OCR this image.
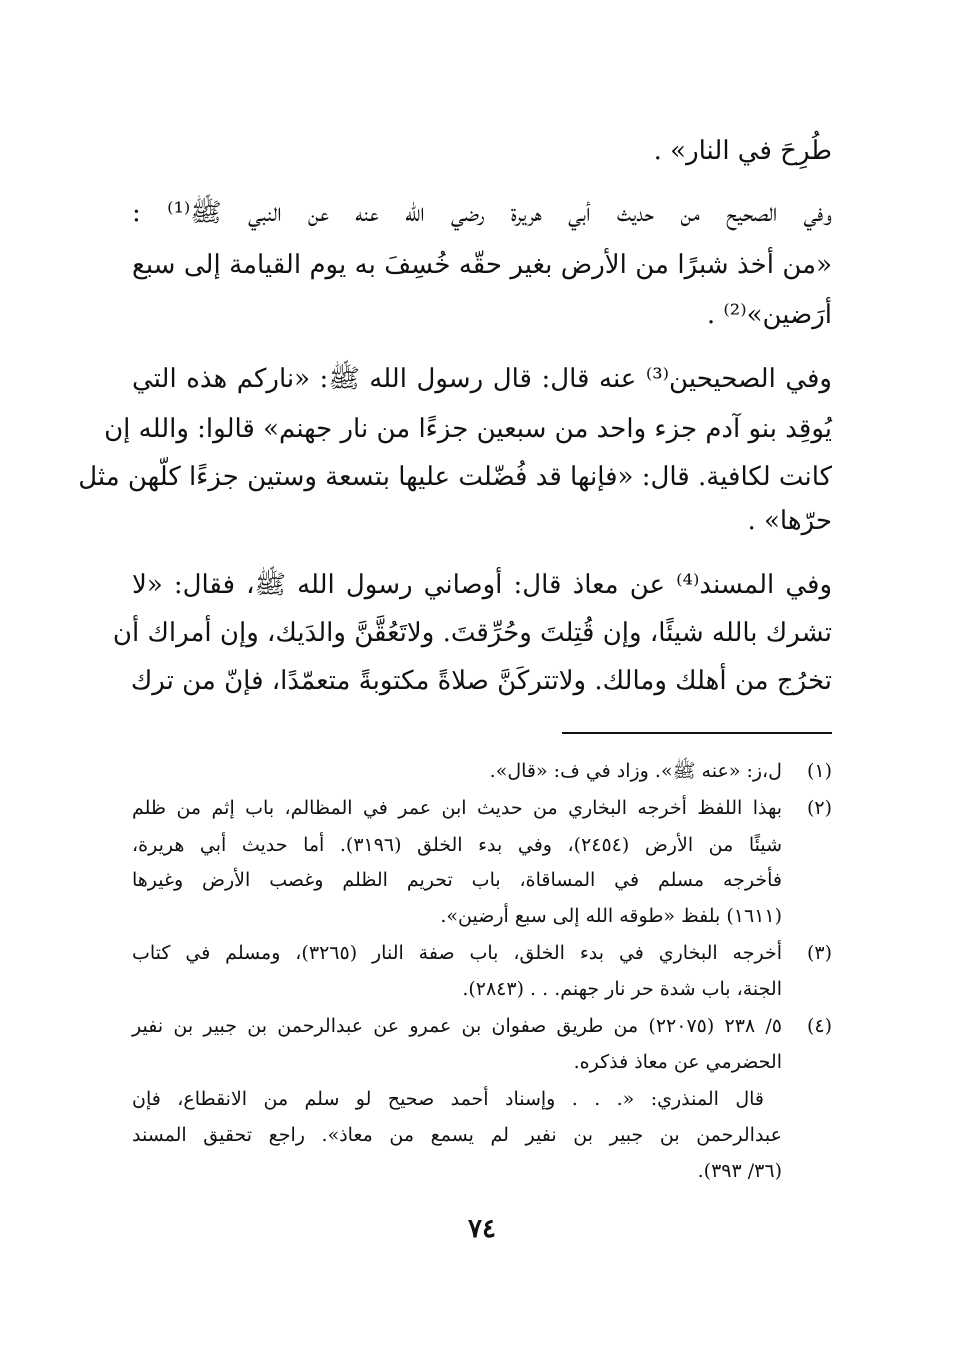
طُرِحَ في النار» .
وفي الصحيح من حديث أبي هريرة رضي الله عنه عن النبي ﷺ⁽¹⁾ :
«من أخذ شبرًا من الأرض بغير حقّه خُسِفَ به يوم القيامة إلى سبع
أرَضين»⁽²⁾ .
وفي الصحيحين⁽³⁾ عنه قال: قال رسول الله ﷺ: «ناركم هذه التي
يُوقِد بنو آدم جزء واحد من سبعين جزءًا من نار جهنم» قالوا: والله إن
كانت لكافية. قال: «فإنها قد فُضّلت عليها بتسعة وستين جزءًا كلّهن مثل
حرّها» .
وفي المسند⁽⁴⁾ عن معاذ قال: أوصاني رسول الله ﷺ، فقال: «لا
تشرك بالله شيئًا، وإن قُتِلتَ وحُرِّقتَ. ولاتَعُقَّنَّ والدَيك، وإن أمراك أن
تخرُج من أهلك ومالك. ولاتتركَنَّ صلاةً مكتوبةً متعمّدًا، فإنّ من ترك
(١)
ل،ز: «عنه ﷺ». وزاد في ف: «قال».
(٢)
بهذا اللفظ أخرجه البخاري من حديث ابن عمر في المظالم، باب إثم من ظلم
شيئًا من الأرض (٢٤٥٤)، وفي بدء الخلق (٣١٩٦). أما حديث أبي هريرة،
فأخرجه مسلم في المساقاة، باب تحريم الظلم وغصب الأرض وغيرها
(١٦١١) بلفظ «طوقه الله إلى سبع أرضين».
(٣)
أخرجه البخاري في بدء الخلق، باب صفة النار (٣٢٦٥)، ومسلم في كتاب
الجنة، باب شدة حر نار جهنم. . . (٢٨٤٣).
(٤)
٥/ ٢٣٨ (٢٢٠٧٥) من طريق صفوان بن عمرو عن عبدالرحمن بن جبير بن نفير
الحضرمي عن معاذ فذكره.
قال المنذري: «. . . وإسناد أحمد صحيح لو سلم من الانقطاع، فإن
عبدالرحمن بن جبير بن نفير لم يسمع من معاذ». راجع تحقيق المسند
(٣٦/ ٣٩٣).
٧٤
